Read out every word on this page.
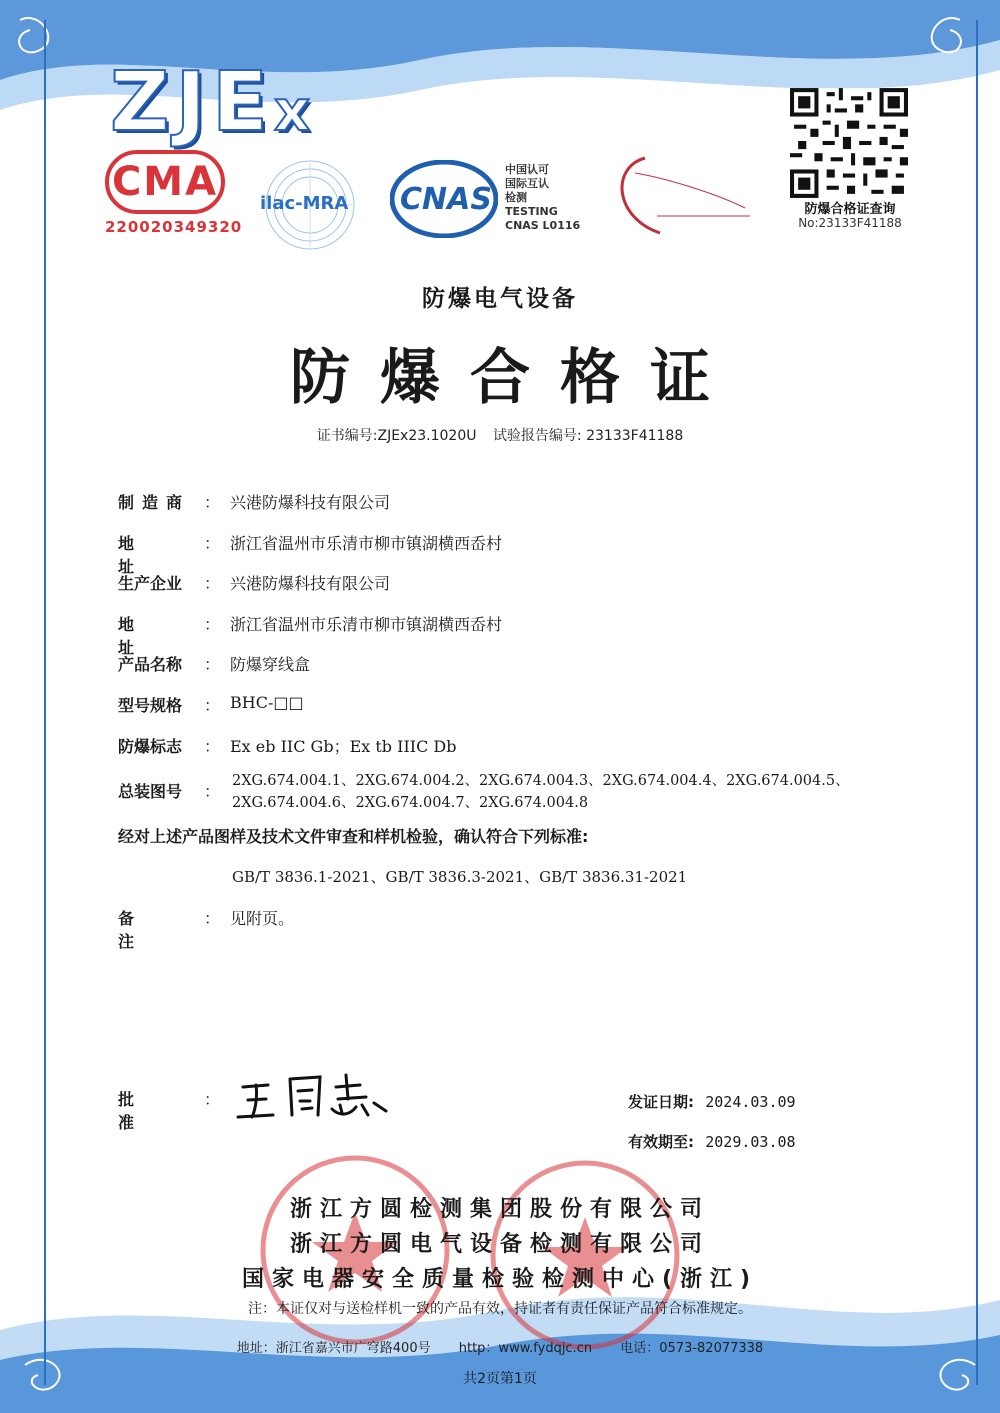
ZJEx
CMA
220020349320
ilac-MRA CNAS
中国认可
国际互认
检测
TESTING
CNAS L0116
防爆合格证查询
No:23133F41188
防爆电气设备
防爆合格证
证书编号:ZJEx23.1020U 试验报告编号: 23133F41188
制造商 ： 兴港防爆科技有限公司
地址
： 浙江省温州市乐清市柳市镇湖横西岙村
生产企业	： 兴港防爆科技有限公司
地址
： 浙江省温州市乐清市柳市镇湖横西岙村
产品名称	： 防爆穿线盒
型号规格	： BHC-□□
防爆标志	： Ex eb IIC Gb；Ex tb IIIC Db
总装图号	：
2XG.674.004.1、2XG.674.004.2、2XG.674.004.3、2XG.674.004.4、2XG.674.004.5、
2XG.674.004.6、2XG.674.004.7、2XG.674.004.8
经对上述产品图样及技术文件审查和样机检验，确认符合下列标准:
GB/T 3836.1-2021、GB/T 3836.3-2021、GB/T 3836.31-2021
备注
： 见附页。
批准
：	发证日期: 2024.03.09
有效期至: 2029.03.08
浙江方圆检测集团股份有限公司
浙江方圆电气设备检测有限公司
国家电器安全质量检验检测中心(浙江)
注：本证仅对与送检样机一致的产品有效，持证者有责任保证产品符合标准规定。
地址：浙江省嘉兴市广穹路400号 http：www.fydqjc.cn 电话：0573-82077338
共2页第1页
